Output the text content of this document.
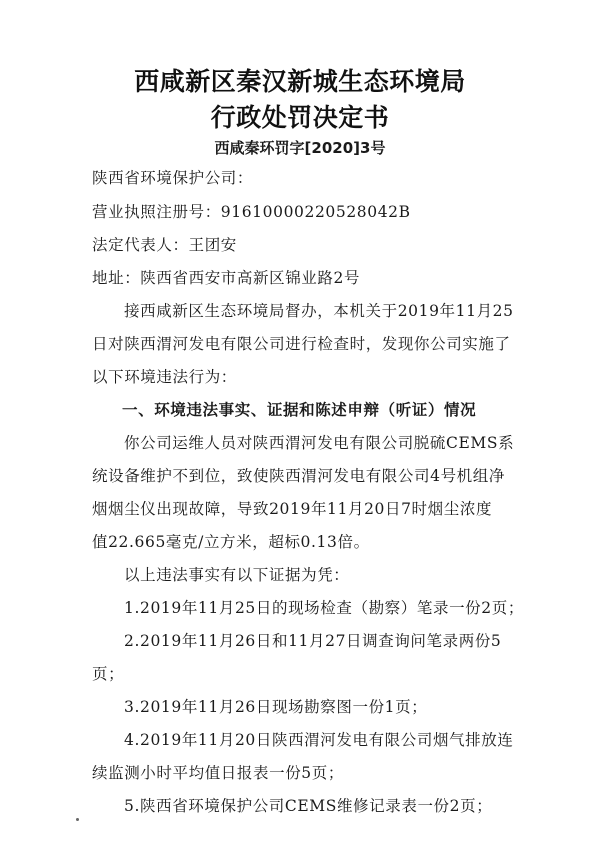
西咸新区秦汉新城生态环境局
行政处罚决定书
西咸秦环罚字[2020]3号
陕西省环境保护公司：
营业执照注册号：91610000220528042B
法定代表人：王团安
地址：陕西省西安市高新区锦业路2号
接西咸新区生态环境局督办，本机关于2019年11月25
日对陕西渭河发电有限公司进行检查时，发现你公司实施了
以下环境违法行为：
一、环境违法事实、证据和陈述申辩（听证）情况
你公司运维人员对陕西渭河发电有限公司脱硫CEMS系
统设备维护不到位，致使陕西渭河发电有限公司4号机组净
烟烟尘仪出现故障，导致2019年11月20日7时烟尘浓度
值22.665毫克/立方米，超标0.13倍。
以上违法事实有以下证据为凭：
1.2019年11月25日的现场检查（勘察）笔录一份2页；
2.2019年11月26日和11月27日调查询问笔录两份5
页；
3.2019年11月26日现场勘察图一份1页；
4.2019年11月20日陕西渭河发电有限公司烟气排放连
续监测小时平均值日报表一份5页；
5.陕西省环境保护公司CEMS维修记录表一份2页；
